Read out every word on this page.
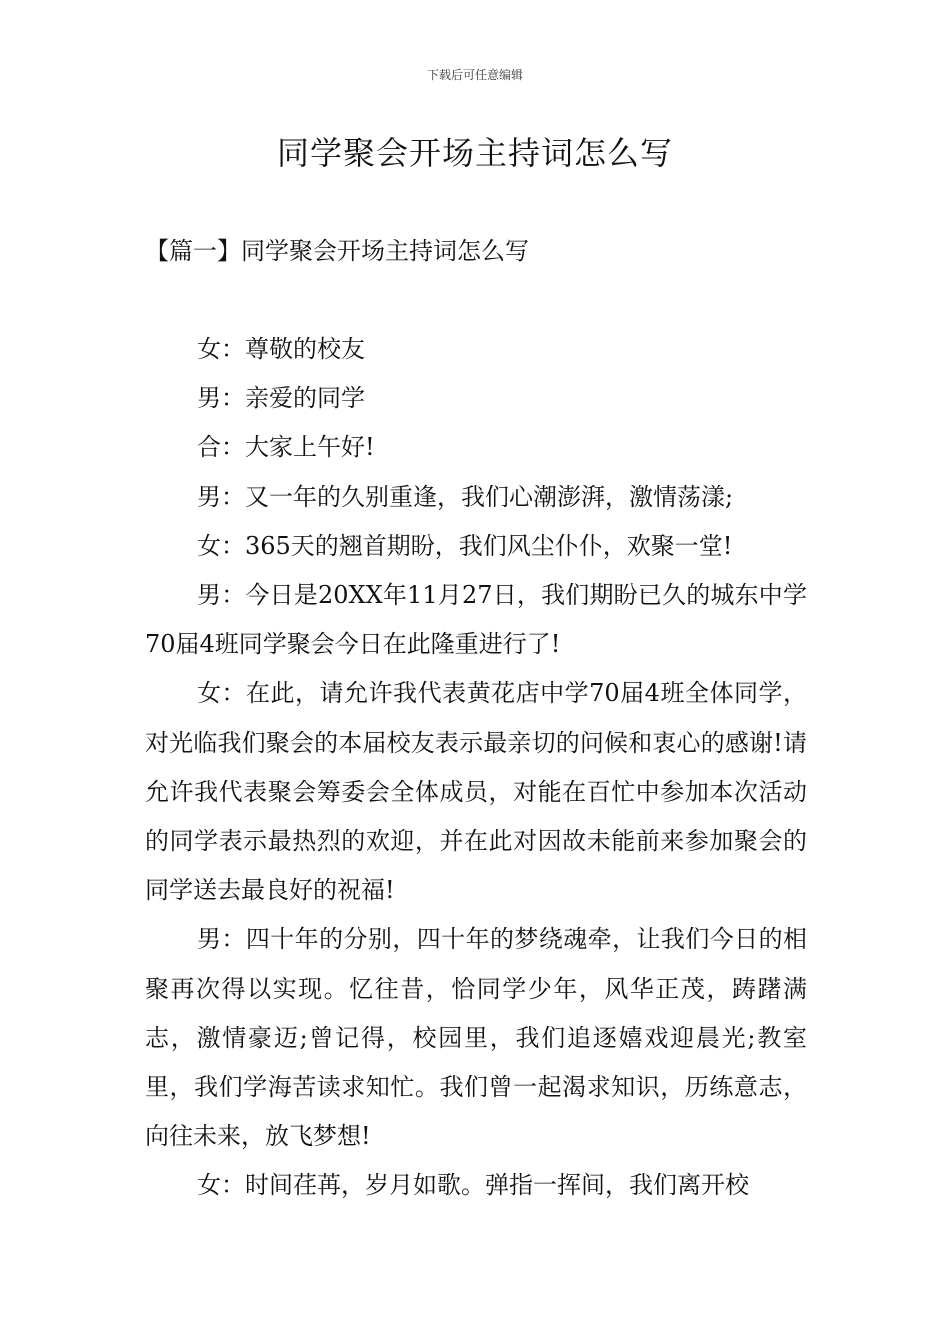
下载后可任意编辑
同学聚会开场主持词怎么写
【篇一】同学聚会开场主持词怎么写

女：尊敬的校友

男：亲爱的同学

合：大家上午好!

男：又一年的久别重逢，我们心潮澎湃，激情荡漾;

女：365天的翘首期盼，我们风尘仆仆，欢聚一堂!

男：今日是20XX年11月27日，我们期盼已久的城东中学70届4班同学聚会今日在此隆重进行了!

女：在此，请允许我代表黄花店中学70届4班全体同学，对光临我们聚会的本届校友表示最亲切的问候和衷心的感谢!请允许我代表聚会筹委会全体成员，对能在百忙中参加本次活动的同学表示最热烈的欢迎，并在此对因故未能前来参加聚会的同学送去最良好的祝福!

男：四十年的分别，四十年的梦绕魂牵，让我们今日的相聚再次得以实现。忆往昔，恰同学少年，风华正茂，踌躇满志，激情豪迈;曾记得，校园里，我们追逐嬉戏迎晨光;教室里，我们学海苦读求知忙。我们曾一起渴求知识，历练意志，向往未来，放飞梦想!

女：时间荏苒，岁月如歌。弹指一挥间，我们离开校
